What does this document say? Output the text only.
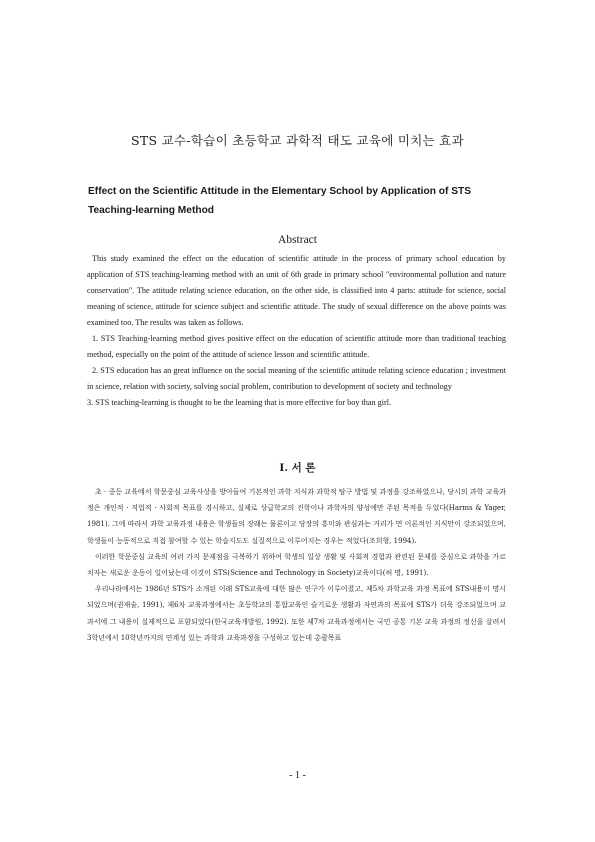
STS 교수-학습이 초등학교 과학적 태도 교육에 미치는 효과
Effect on the Scientific Attitude in the Elementary School by Application of STS Teaching-learning Method
Abstract

This study examined the effect on the education of scientific attitude in the process of primary school education by application of STS teaching-learning method with an unit of 6th grade in primary school "environmental pollution and nature conservation". The attitude relating science education, on the other side, is classified into 4 parts: attitude for science, social meaning of science, attitude for science subject and scientific attitude. The study of sexual difference on the above points was examined too. The results was taken as follows.

1. STS Teaching-learning method gives positive effect on the education of scientific attitude more than traditional teaching method, especially on the point of the attitude of science lesson and scientific attitude.

2. STS education has an great influence on the social meaning of the scientific attitude relating science education ; investment in science, relation with society, solving social problem, contribution to development of society and technology

3. STS teaching-learning is thought to be the learning that is more effective for boy than girl.

Ⅰ. 서 론

초 · 중등 교육에서 학문중심 교육사상을 방아들여 기본적인 과학 지식과 과학적 탐구 방법 및 과정을 강조하였으나, 당시의 과학 교육과정은 개인적 · 직업적 · 사회적 목표를 경시하고, 실제로 상급학교의 진학이나 과학자의 양성에만 주된 목적을 두었다(Harms & Yager, 1981). 그에 따라서 과학 교육과정 내용은 학생들의 장래는 물론이고 당장의 흥미와 관심과는 거리가 먼 이론적인 지식만이 강조되었으며, 학생들이 능동적으로 직접 참여할 수 있는 학습지도도 실질적으로 이루어지는 경우는 적었다(조희형, 1994).

이러한 학문중심 교육의 여러 가지 문제점을 극복하기 위하여 학생의 일상 생활 및 사회적 경험과 관련된 문제를 중심으로 과학을 가르치자는 새로운 운동이 일어났는데 이것이 STS(Science and Technology in Society)교육이다(허 명, 1991).

우리나라에서는 1986년 STS가 소개된 이래 STS교육에 대한 많은 연구가 이루어졌고, 제5차 과학교육 과정 목표에 STS내용이 명시되었으며(권재술, 1991), 제6차 교육과정에서는 초등학교의 통합교육인 슬기로운 생활과 자연과의 목표에 STS가 더욱 강조되었으며 교과서에 그 내용이 실제적으로 포함되었다(한국교육개발원, 1992). 또한 제7차 교육과정에서는 국민 공통 기본 교육 과정의 정신을 살려서 3학년에서 10학년까지의 연계성 있는 과학과 교육과정을 구성하고 있는데 총괄목표

- 1 -
